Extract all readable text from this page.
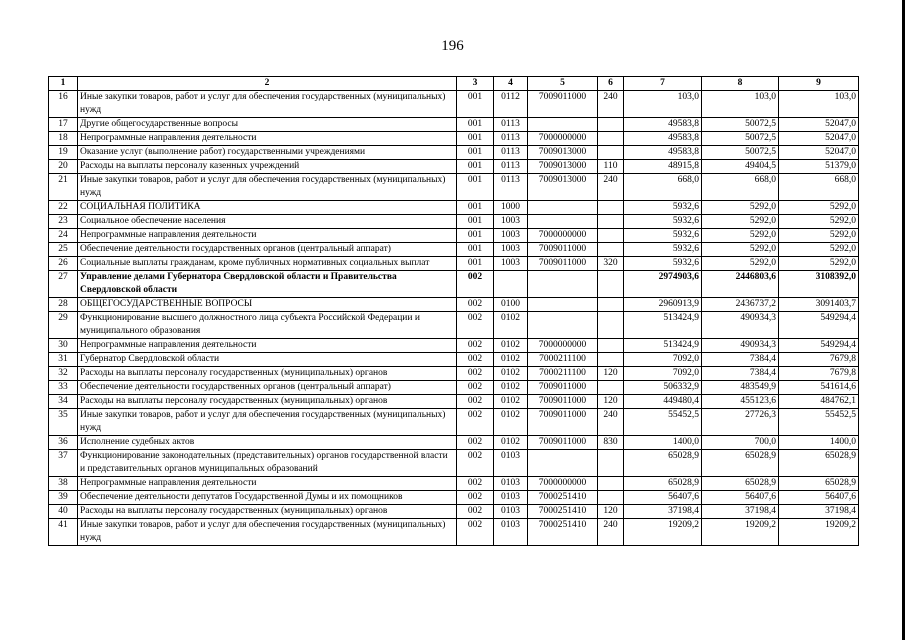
196
1	2	3	4	5	6	7	8	9
16	Иные закупки товаров, работ и услуг для обеспечения государственных (муниципальных) нужд	001	0112	7009011000	240	103,0	103,0	103,0
17	Другие общегосударственные вопросы	001	0113			49583,8	50072,5	52047,0
18	Непрограммные направления деятельности	001	0113	7000000000		49583,8	50072,5	52047,0
19	Оказание услуг (выполнение работ) государственными учреждениями	001	0113	7009013000		49583,8	50072,5	52047,0
20	Расходы на выплаты персоналу казенных учреждений	001	0113	7009013000	110	48915,8	49404,5	51379,0
21	Иные закупки товаров, работ и услуг для обеспечения государственных (муниципальных) нужд	001	0113	7009013000	240	668,0	668,0	668,0
22	СОЦИАЛЬНАЯ ПОЛИТИКА	001	1000			5932,6	5292,0	5292,0
23	Социальное обеспечение населения	001	1003			5932,6	5292,0	5292,0
24	Непрограммные направления деятельности	001	1003	7000000000		5932,6	5292,0	5292,0
25	Обеспечение деятельности государственных органов (центральный аппарат)	001	1003	7009011000		5932,6	5292,0	5292,0
26	Социальные выплаты гражданам, кроме публичных нормативных социальных выплат	001	1003	7009011000	320	5932,6	5292,0	5292,0
27	Управление делами Губернатора Свердловской области и Правительства Свердловской области	002				2974903,6	2446803,6	3108392,0
28	ОБЩЕГОСУДАРСТВЕННЫЕ ВОПРОСЫ	002	0100			2960913,9	2436737,2	3091403,7
29	Функционирование высшего должностного лица субъекта Российской Федерации и муниципального образования	002	0102			513424,9	490934,3	549294,4
30	Непрограммные направления деятельности	002	0102	7000000000		513424,9	490934,3	549294,4
31	Губернатор Свердловской области	002	0102	7000211100		7092,0	7384,4	7679,8
32	Расходы на выплаты персоналу государственных (муниципальных) органов	002	0102	7000211100	120	7092,0	7384,4	7679,8
33	Обеспечение деятельности государственных органов (центральный аппарат)	002	0102	7009011000		506332,9	483549,9	541614,6
34	Расходы на выплаты персоналу государственных (муниципальных) органов	002	0102	7009011000	120	449480,4	455123,6	484762,1
35	Иные закупки товаров, работ и услуг для обеспечения государственных (муниципальных) нужд	002	0102	7009011000	240	55452,5	27726,3	55452,5
36	Исполнение судебных актов	002	0102	7009011000	830	1400,0	700,0	1400,0
37	Функционирование законодательных (представительных) органов государственной власти и представительных органов муниципальных образований	002	0103			65028,9	65028,9	65028,9
38	Непрограммные направления деятельности	002	0103	7000000000		65028,9	65028,9	65028,9
39	Обеспечение деятельности депутатов Государственной Думы и их помощников	002	0103	7000251410		56407,6	56407,6	56407,6
40	Расходы на выплаты персоналу государственных (муниципальных) органов	002	0103	7000251410	120	37198,4	37198,4	37198,4
41	Иные закупки товаров, работ и услуг для обеспечения государственных (муниципальных) нужд	002	0103	7000251410	240	19209,2	19209,2	19209,2
